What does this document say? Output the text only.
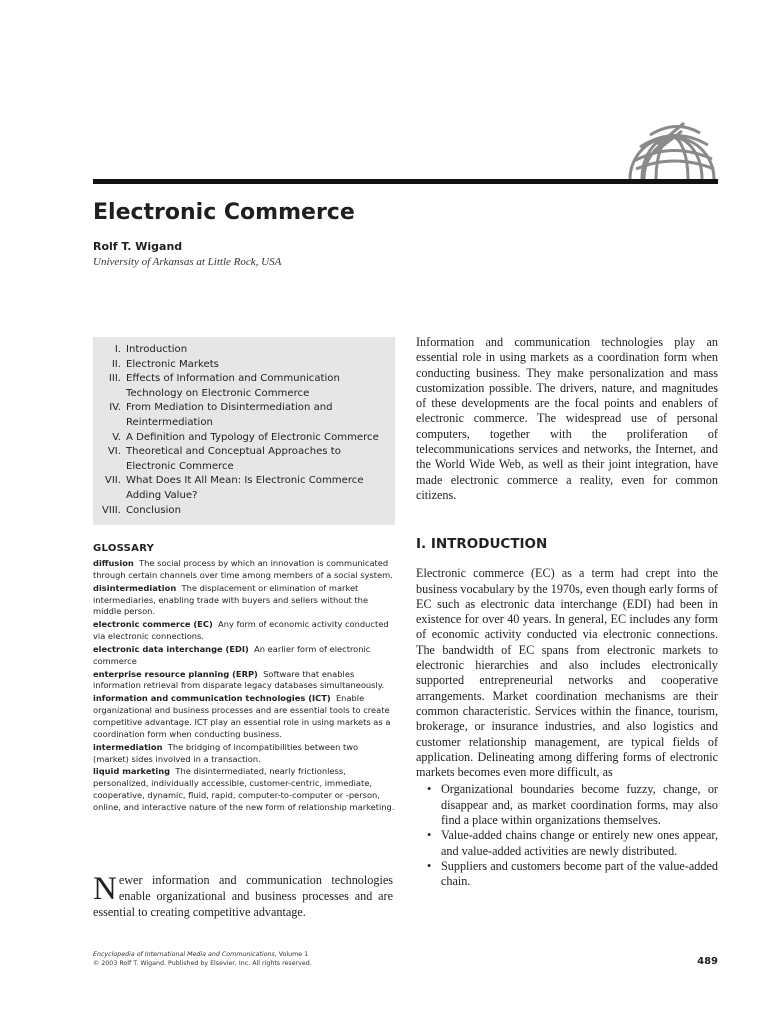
Electronic Commerce
Rolf T. Wigand
University of Arkansas at Little Rock, USA
I. Introduction
II. Electronic Markets
III. Effects of Information and Communication Technology on Electronic Commerce
IV. From Mediation to Disintermediation and Reintermediation
V. A Definition and Typology of Electronic Commerce
VI. Theoretical and Conceptual Approaches to Electronic Commerce
VII. What Does It All Mean: Is Electronic Commerce Adding Value?
VIII. Conclusion
GLOSSARY

diffusion The social process by which an innovation is communicated through certain channels over time among members of a social system.

disintermediation The displacement or elimination of market intermediaries, enabling trade with buyers and sellers without the middle person.

electronic commerce (EC) Any form of economic activity conducted via electronic connections.

electronic data interchange (EDI) An earlier form of electronic commerce

enterprise resource planning (ERP) Software that enables information retrieval from disparate legacy databases simultaneously.

information and communication technologies (ICT) Enable organizational and business processes and are essential tools to create competitive advantage. ICT play an essential role in using markets as a coordination form when conducting business.

intermediation The bridging of incompatibilities between two (market) sides involved in a transaction.

liquid marketing The disintermediated, nearly frictionless, personalized, individually accessible, customer-centric, immediate, cooperative, dynamic, fluid, rapid, computer-to-computer or -person, online, and interactive nature of the new form of relationship marketing.

Newer information and communication technologies enable organizational and business processes and are essential to creating competitive advantage.

Information and communication technologies play an essential role in using markets as a coordination form when conducting business. They make personalization and mass customization possible. The drivers, nature, and magnitudes of these developments are the focal points and enablers of electronic commerce. The widespread use of personal computers, together with the proliferation of telecommunications services and networks, the Internet, and the World Wide Web, as well as their joint integration, have made electronic commerce a reality, even for common citizens.

I. INTRODUCTION

Electronic commerce (EC) as a term had crept into the business vocabulary by the 1970s, even though early forms of EC such as electronic data interchange (EDI) had been in existence for over 40 years. In general, EC includes any form of economic activity conducted via electronic connections. The bandwidth of EC spans from electronic markets to electronic hierarchies and also includes electronically supported entrepreneurial networks and cooperative arrangements. Market coordination mechanisms are their common characteristic. Services within the finance, tourism, brokerage, or insurance industries, and also logistics and customer relationship management, are typical fields of application. Delineating among differing forms of electronic markets becomes even more difficult, as

• Organizational boundaries become fuzzy, change, or disappear and, as market coordination forms, may also find a place within organizations themselves.
• Value-added chains change or entirely new ones appear, and value-added activities are newly distributed.
• Suppliers and customers become part of the value-added chain.
Encyclopedia of International Media and Communications, Volume 1
© 2003 Rolf T. Wigand. Published by Elsevier, Inc. All rights reserved.	489
